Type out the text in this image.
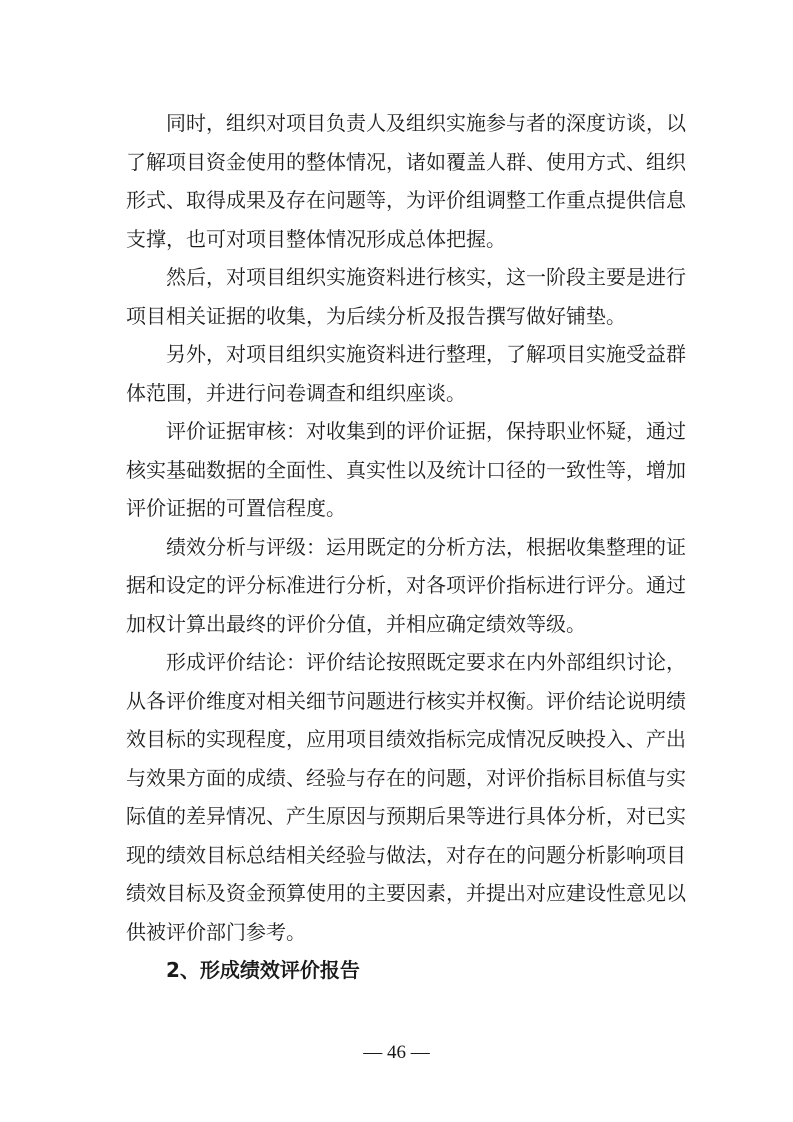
同时，组织对项目负责人及组织实施参与者的深度访谈，以了解项目资金使用的整体情况，诸如覆盖人群、使用方式、组织形式、取得成果及存在问题等，为评价组调整工作重点提供信息支撑，也可对项目整体情况形成总体把握。

然后，对项目组织实施资料进行核实，这一阶段主要是进行项目相关证据的收集，为后续分析及报告撰写做好铺垫。

另外，对项目组织实施资料进行整理，了解项目实施受益群体范围，并进行问卷调查和组织座谈。

评价证据审核：对收集到的评价证据，保持职业怀疑，通过核实基础数据的全面性、真实性以及统计口径的一致性等，增加评价证据的可置信程度。

绩效分析与评级：运用既定的分析方法，根据收集整理的证据和设定的评分标准进行分析，对各项评价指标进行评分。通过加权计算出最终的评价分值，并相应确定绩效等级。

形成评价结论：评价结论按照既定要求在内外部组织讨论，从各评价维度对相关细节问题进行核实并权衡。评价结论说明绩效目标的实现程度，应用项目绩效指标完成情况反映投入、产出与效果方面的成绩、经验与存在的问题，对评价指标目标值与实际值的差异情况、产生原因与预期后果等进行具体分析，对已实现的绩效目标总结相关经验与做法，对存在的问题分析影响项目绩效目标及资金预算使用的主要因素，并提出对应建设性意见以供被评价部门参考。

2、形成绩效评价报告

— 46 —
